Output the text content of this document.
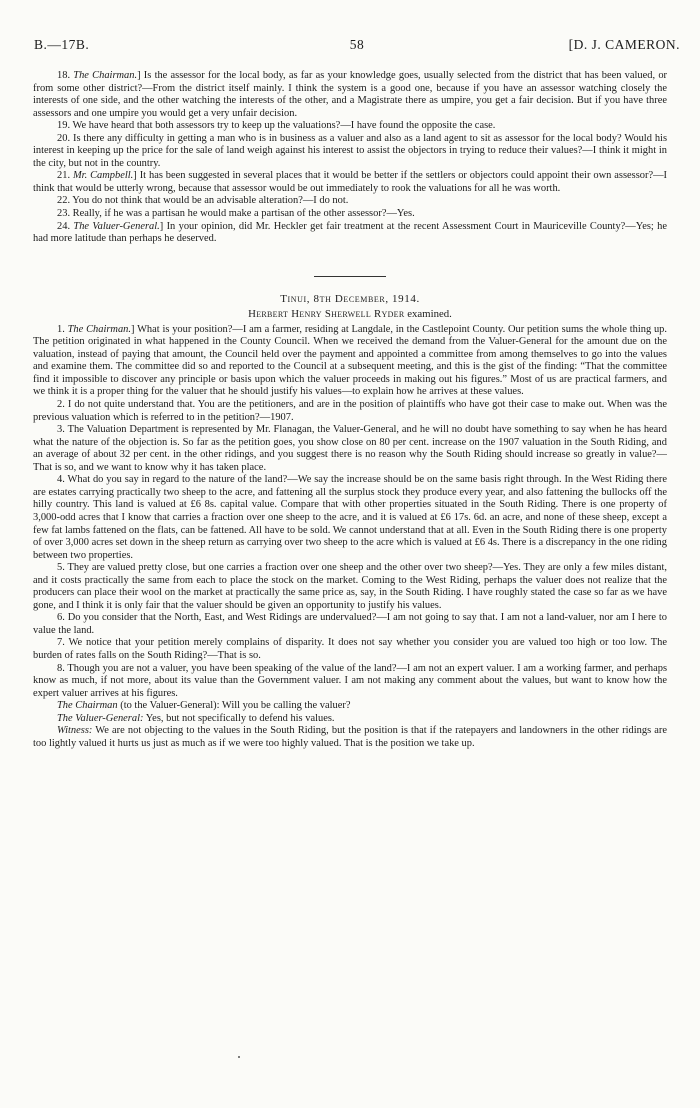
B.—17B.	58	[D. J. CAMERON.

18. The Chairman.] Is the assessor for the local body, as far as your knowledge goes, usually selected from the district that has been valued, or from some other district?—From the district itself mainly. I think the system is a good one, because if you have an assessor watching closely the interests of one side, and the other watching the interests of the other, and a Magistrate there as umpire, you get a fair decision. But if you have three assessors and one umpire you would get a very unfair decision.

19. We have heard that both assessors try to keep up the valuations?—I have found the opposite the case.

20. Is there any difficulty in getting a man who is in business as a valuer and also as a land agent to sit as assessor for the local body? Would his interest in keeping up the price for the sale of land weigh against his interest to assist the objectors in trying to reduce their values?—I think it might in the city, but not in the country.

21. Mr. Campbell.] It has been suggested in several places that it would be better if the settlers or objectors could appoint their own assessor?—I think that would be utterly wrong, because that assessor would be out immediately to rook the valuations for all he was worth.

22. You do not think that would be an advisable alteration?—I do not.

23. Really, if he was a partisan he would make a partisan of the other assessor?—Yes.

24. The Valuer-General.] In your opinion, did Mr. Heckler get fair treatment at the recent Assessment Court in Mauriceville County?—Yes; he had more latitude than perhaps he deserved.

Tinui, 8th December, 1914.
Herbert Henry Sherwell Ryder examined.

1. The Chairman.] What is your position?—I am a farmer, residing at Langdale, in the Castlepoint County. Our petition sums the whole thing up. The petition originated in what happened in the County Council. When we received the demand from the Valuer-General for the amount due on the valuation, instead of paying that amount, the Council held over the payment and appointed a committee from among themselves to go into the values and examine them. The committee did so and reported to the Council at a subsequent meeting, and this is the gist of the finding: “That the committee find it impossible to discover any principle or basis upon which the valuer proceeds in making out his figures.” Most of us are practical farmers, and we think it is a proper thing for the valuer that he should justify his values—to explain how he arrives at these values.

2. I do not quite understand that. You are the petitioners, and are in the position of plaintiffs who have got their case to make out. When was the previous valuation which is referred to in the petition?—1907.

3. The Valuation Department is represented by Mr. Flanagan, the Valuer-General, and he will no doubt have something to say when he has heard what the nature of the objection is. So far as the petition goes, you show close on 80 per cent. increase on the 1907 valuation in the South Riding, and an average of about 32 per cent. in the other ridings, and you suggest there is no reason why the South Riding should increase so greatly in value?—That is so, and we want to know why it has taken place.

4. What do you say in regard to the nature of the land?—We say the increase should be on the same basis right through. In the West Riding there are estates carrying practically two sheep to the acre, and fattening all the surplus stock they produce every year, and also fattening the bullocks off the hilly country. This land is valued at £6 8s. capital value. Compare that with other properties situated in the South Riding. There is one property of 3,000-odd acres that I know that carries a fraction over one sheep to the acre, and it is valued at £6 17s. 6d. an acre, and none of these sheep, except a few fat lambs fattened on the flats, can be fattened. All have to be sold. We cannot understand that at all. Even in the South Riding there is one property of over 3,000 acres set down in the sheep return as carrying over two sheep to the acre which is valued at £6 4s. There is a discrepancy in the one riding between two properties.

5. They are valued pretty close, but one carries a fraction over one sheep and the other over two sheep?—Yes. They are only a few miles distant, and it costs practically the same from each to place the stock on the market. Coming to the West Riding, perhaps the valuer does not realize that the producers can place their wool on the market at practically the same price as, say, in the South Riding. I have roughly stated the case so far as we have gone, and I think it is only fair that the valuer should be given an opportunity to justify his values.

6. Do you consider that the North, East, and West Ridings are undervalued?—I am not going to say that. I am not a land-valuer, nor am I here to value the land.

7. We notice that your petition merely complains of disparity. It does not say whether you consider you are valued too high or too low. The burden of rates falls on the South Riding?—That is so.

8. Though you are not a valuer, you have been speaking of the value of the land?—I am not an expert valuer. I am a working farmer, and perhaps know as much, if not more, about its value than the Government valuer. I am not making any comment about the values, but want to know how the expert valuer arrives at his figures.

The Chairman (to the Valuer-General): Will you be calling the valuer?

The Valuer-General: Yes, but not specifically to defend his values.

Witness: We are not objecting to the values in the South Riding, but the position is that if the ratepayers and landowners in the other ridings are too lightly valued it hurts us just as much as if we were too highly valued. That is the position we take up.
